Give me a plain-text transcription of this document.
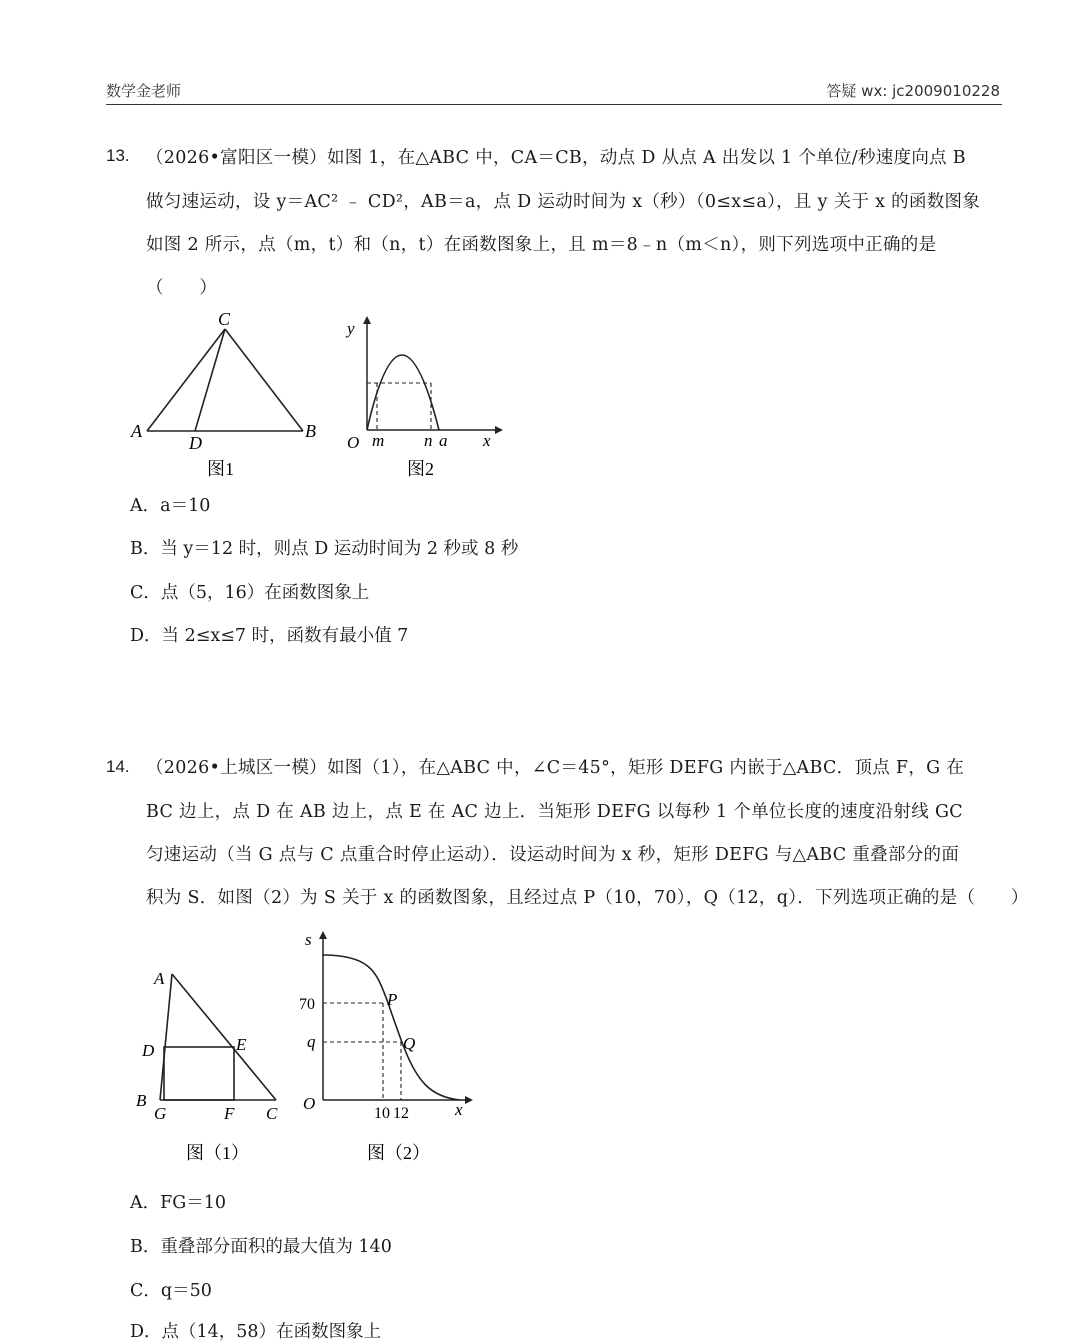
数学金老师	答疑 wx: jc2009010228
13. （2026•富阳区一模）如图 1，在△ABC 中，CA＝CB，动点 D 从点 A 出发以 1 个单位/秒速度向点 B
做匀速运动，设 y＝AC² ﹣ CD²，AB＝a，点 D 运动时间为 x（秒）（0≤x≤a），且 y 关于 x 的函数图象
如图 2 所示，点（m，t）和（n，t）在函数图象上，且 m＝8﹣n（m＜n），则下列选项中正确的是
（　　）
C
A	B
D
图1
y
O m n a x
图2
A．a＝10
B．当 y＝12 时，则点 D 运动时间为 2 秒或 8 秒
C．点（5，16）在函数图象上
D．当 2≤x≤7 时，函数有最小值 7
14. （2026•上城区一模）如图（1），在△ABC 中，∠C＝45°，矩形 DEFG 内嵌于△ABC．顶点 F，G 在
BC 边上，点 D 在 AB 边上，点 E 在 AC 边上．当矩形 DEFG 以每秒 1 个单位长度的速度沿射线 GC
匀速运动（当 G 点与 C 点重合时停止运动）．设运动时间为 x 秒，矩形 DEFG 与△ABC 重叠部分的面
积为 S．如图（2）为 S 关于 x 的函数图象，且经过点 P（10，70），Q（12，q）．下列选项正确的是（　　）
A
D	E
B
G	F C
图（1）
s
70
q
P
Q
O
10 12	x
图（2）
A．FG＝10
B．重叠部分面积的最大值为 140
C．q＝50
D．点（14，58）在函数图象上
